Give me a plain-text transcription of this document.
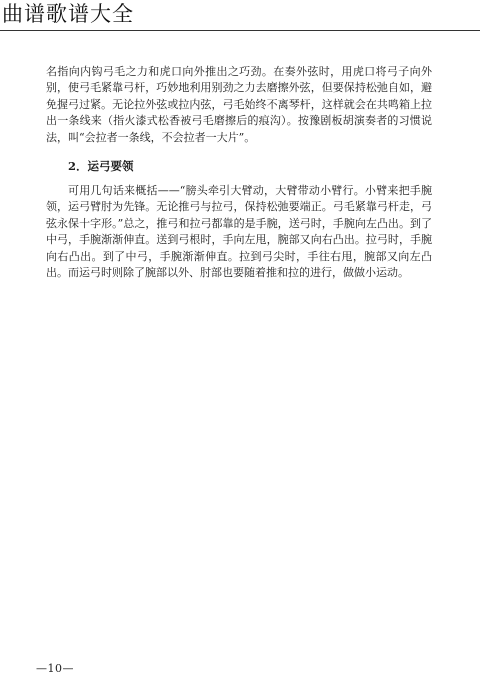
曲谱歌谱大全

名指向内钩弓毛之力和虎口向外推出之巧劲。在奏外弦时，用虎口将弓子向外别，使弓毛紧靠弓杆，巧妙地利用别劲之力去磨擦外弦，但要保持松弛自如，避免握弓过紧。无论拉外弦或拉内弦，弓毛始终不离琴杆，这样就会在共鸣箱上拉出一条线来（指火漆式松香被弓毛磨擦后的痕沟）。按豫剧板胡演奏者的习惯说法，叫“会拉者一条线，不会拉者一大片”。

2．运弓要领

可用几句话来概括——“膀头牵引大臂动，大臂带动小臂行。小臂来把手腕领，运弓臂肘为先锋。无论推弓与拉弓，保持松弛要端正。弓毛紧靠弓杆走，弓弦永保十字形。”总之，推弓和拉弓都靠的是手腕，送弓时，手腕向左凸出。到了中弓，手腕渐渐伸直。送到弓根时，手向左甩，腕部又向右凸出。拉弓时，手腕向右凸出。到了中弓，手腕渐渐伸直。拉到弓尖时，手往右甩，腕部又向左凸出。而运弓时则除了腕部以外、肘部也要随着推和拉的进行，做做小运动。

—10—
